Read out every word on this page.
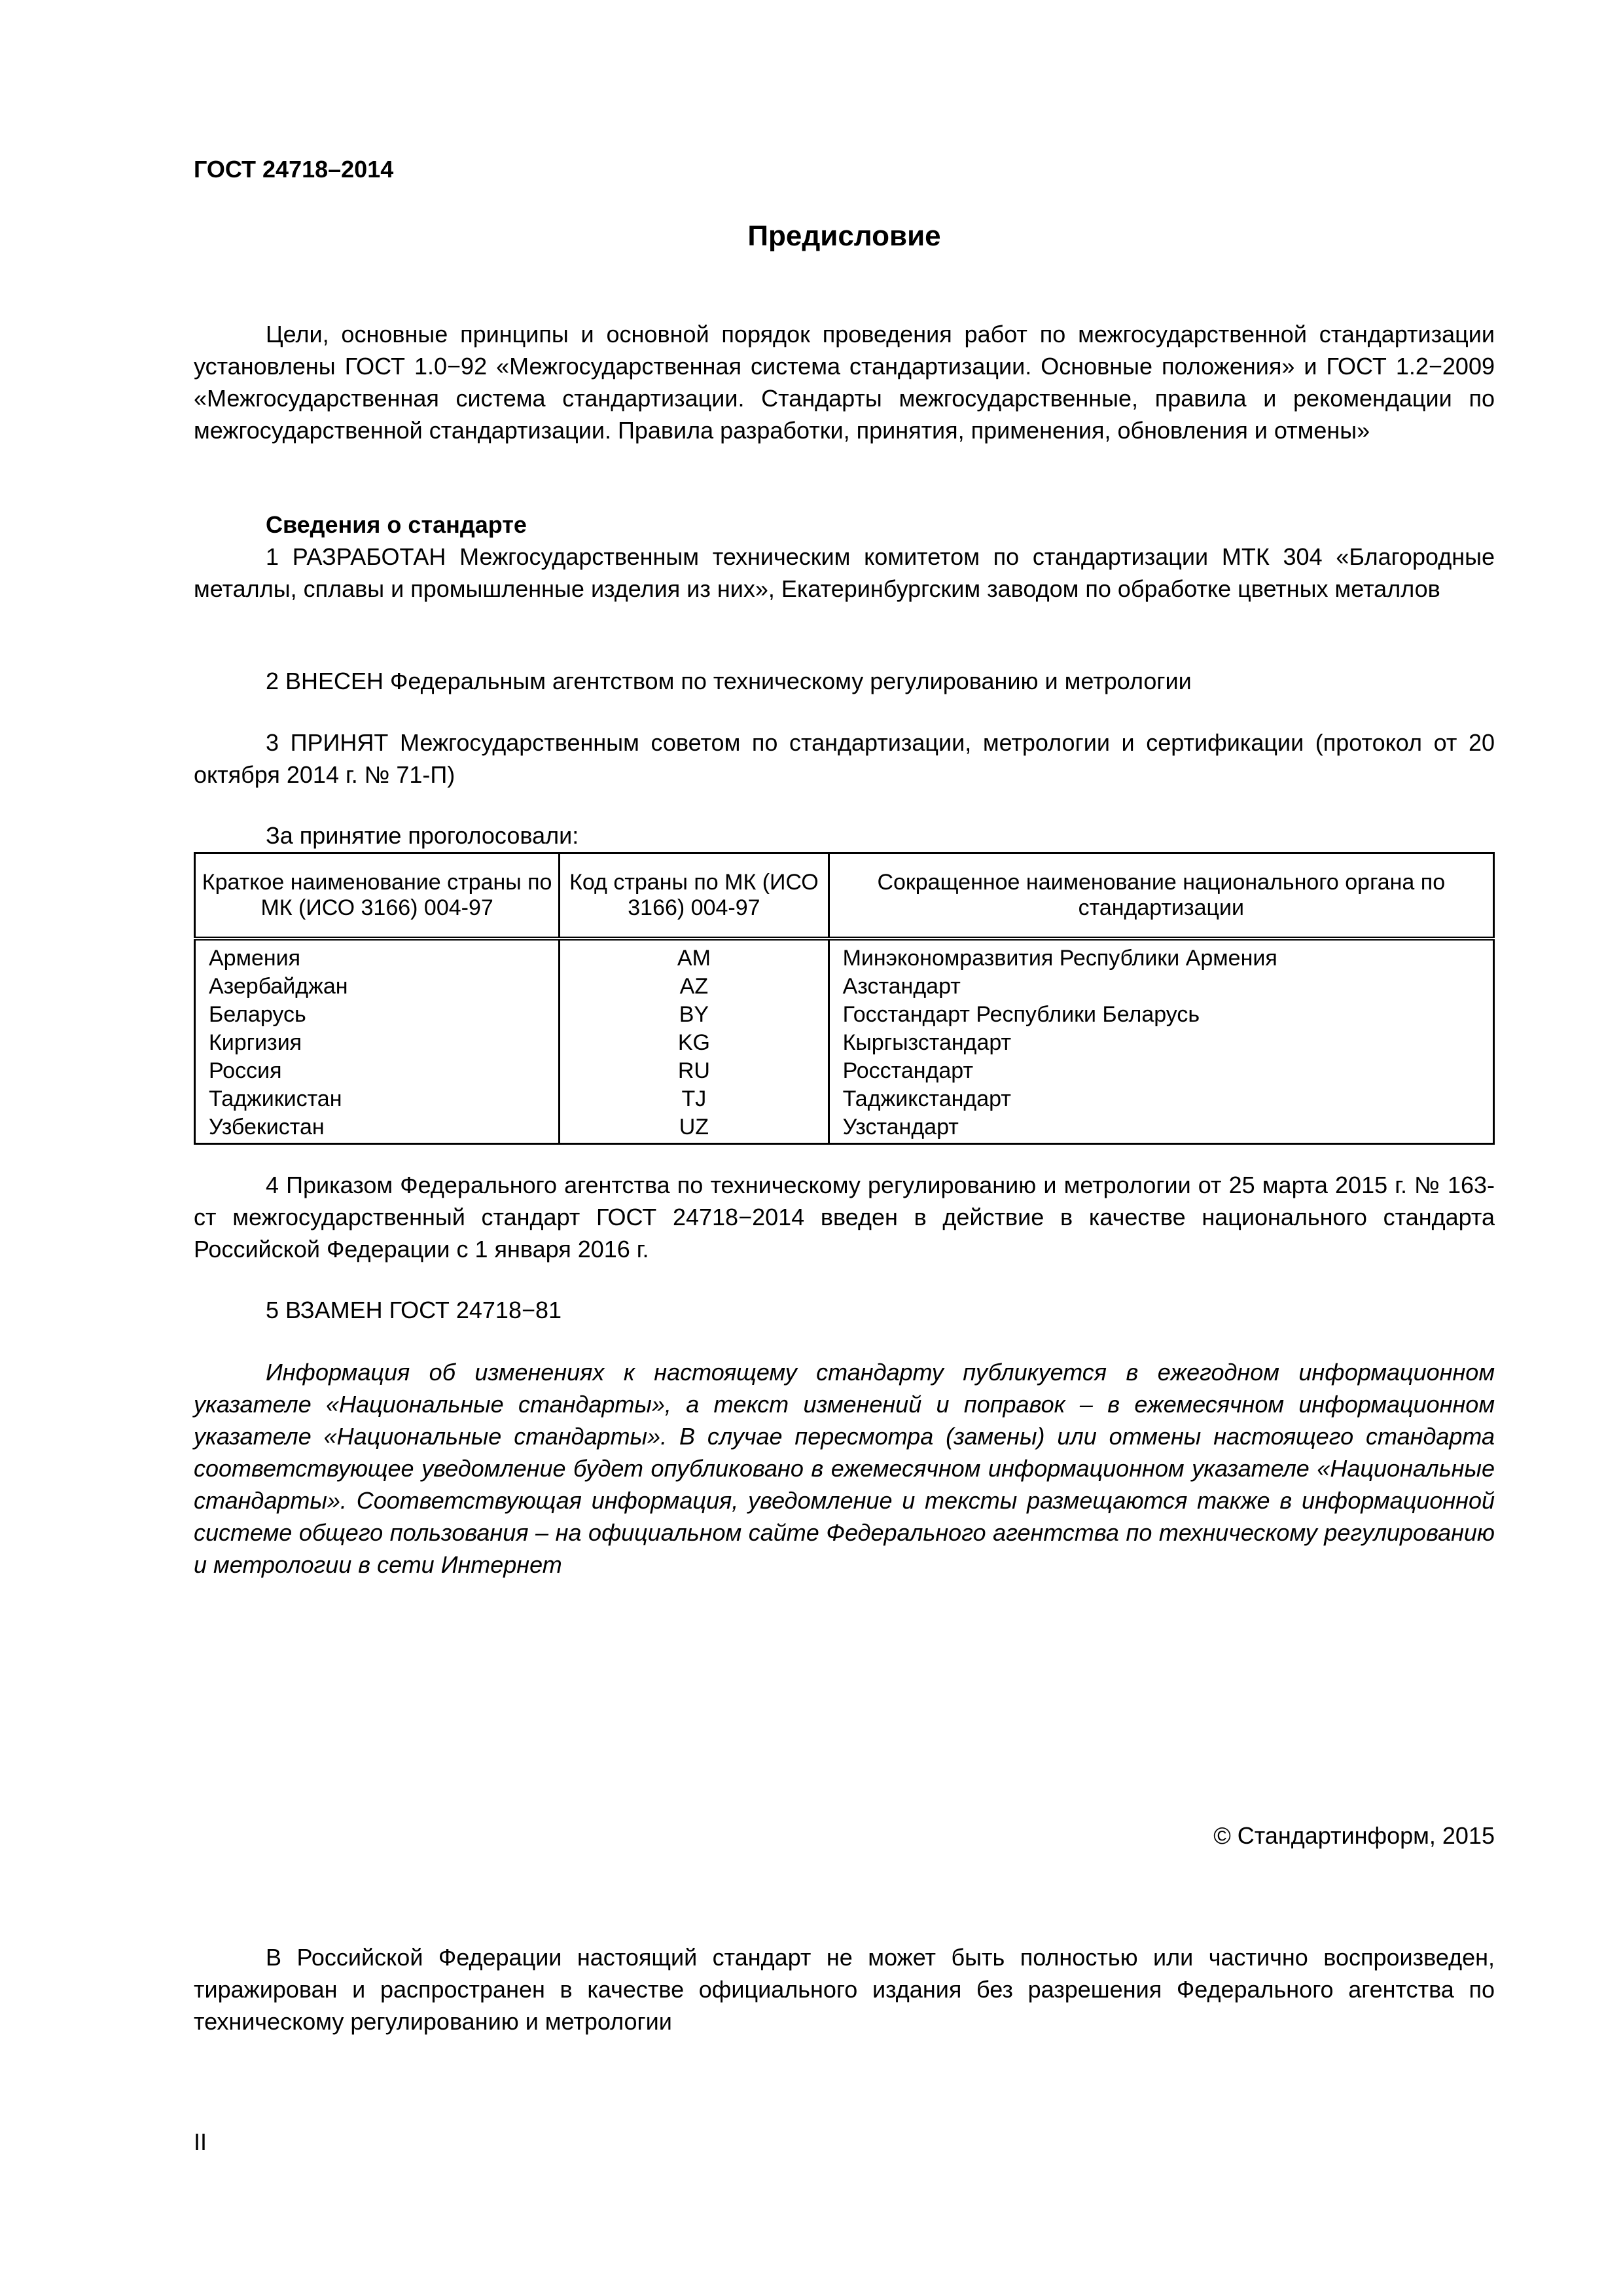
ГОСТ 24718–2014
Предисловие

Цели, основные принципы и основной порядок проведения работ по межгосударственной стандартизации установлены ГОСТ 1.0−92 «Межгосударственная система стандартизации. Основные положения» и ГОСТ 1.2−2009 «Межгосударственная система стандартизации. Стандарты межгосударственные, правила и рекомендации по межгосударственной стандартизации. Правила разработки, принятия, применения, обновления и отмены»

Сведения о стандарте

1 РАЗРАБОТАН Межгосударственным техническим комитетом по стандартизации МТК 304 «Благородные металлы, сплавы и промышленные изделия из них», Екатеринбургским заводом по обработке цветных металлов

2 ВНЕСЕН Федеральным агентством по техническому регулированию и метрологии

3 ПРИНЯТ Межгосударственным советом по стандартизации, метрологии и сертификации (протокол от 20 октября 2014 г. № 71-П)

За принятие проголосовали:

Краткое наименование страны по МК (ИСО 3166) 004-97	Код страны по МК (ИСО 3166) 004-97	Сокращенное наименование национального органа по стандартизации
Армения	AM	Минэкономразвития Республики Армения
Азербайджан	AZ	Азстандарт
Беларусь	BY	Госстандарт Республики Беларусь
Киргизия	KG	Кыргызстандарт
Россия	RU	Росстандарт
Таджикистан	TJ	Таджикстандарт
Узбекистан	UZ	Узстандарт

4 Приказом Федерального агентства по техническому регулированию и метрологии от 25 марта 2015 г. № 163-ст межгосударственный стандарт ГОСТ 24718−2014 введен в действие в качестве национального стандарта Российской Федерации с 1 января 2016 г.

5 ВЗАМЕН ГОСТ 24718−81

Информация об изменениях к настоящему стандарту публикуется в ежегодном информационном указателе «Национальные стандарты», а текст изменений и поправок – в ежемесячном информационном указателе «Национальные стандарты». В случае пересмотра (замены) или отмены настоящего стандарта соответствующее уведомление будет опубликовано в ежемесячном информационном указателе «Национальные стандарты». Соответствующая информация, уведомление и тексты размещаются также в информационной системе общего пользования – на официальном сайте Федерального агентства по техническому регулированию и метрологии в сети Интернет

© Стандартинформ, 2015

В Российской Федерации настоящий стандарт не может быть полностью или частично воспроизведен, тиражирован и распространен в качестве официального издания без разрешения Федерального агентства по техническому регулированию и метрологии

II
